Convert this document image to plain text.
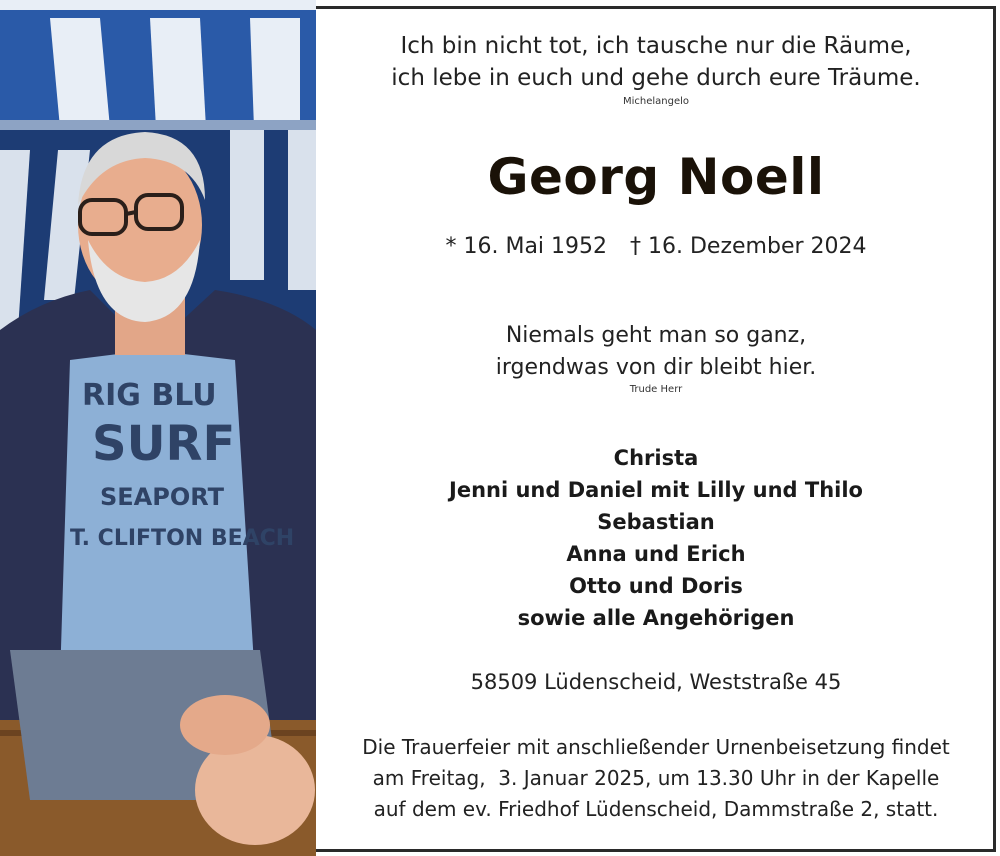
RIG BLU
SURF
SEAPORT
T. CLIFTON BEACH
Ich bin nicht tot, ich tausche nur die Räume,
ich lebe in euch und gehe durch eure Träume.
Michelangelo
Georg Noell
* 16. Mai 1952 † 16. Dezember 2024
Niemals geht man so ganz,
irgendwas von dir bleibt hier.
Trude Herr
Christa
Jenni und Daniel mit Lilly und Thilo
Sebastian
Anna und Erich
Otto und Doris
sowie alle Angehörigen
58509 Lüdenscheid, Weststraße 45
Die Trauerfeier mit anschließender Urnenbeisetzung findet
am Freitag,  3. Januar 2025, um 13.30 Uhr in der Kapelle
auf dem ev. Friedhof Lüdenscheid, Dammstraße 2, statt.
